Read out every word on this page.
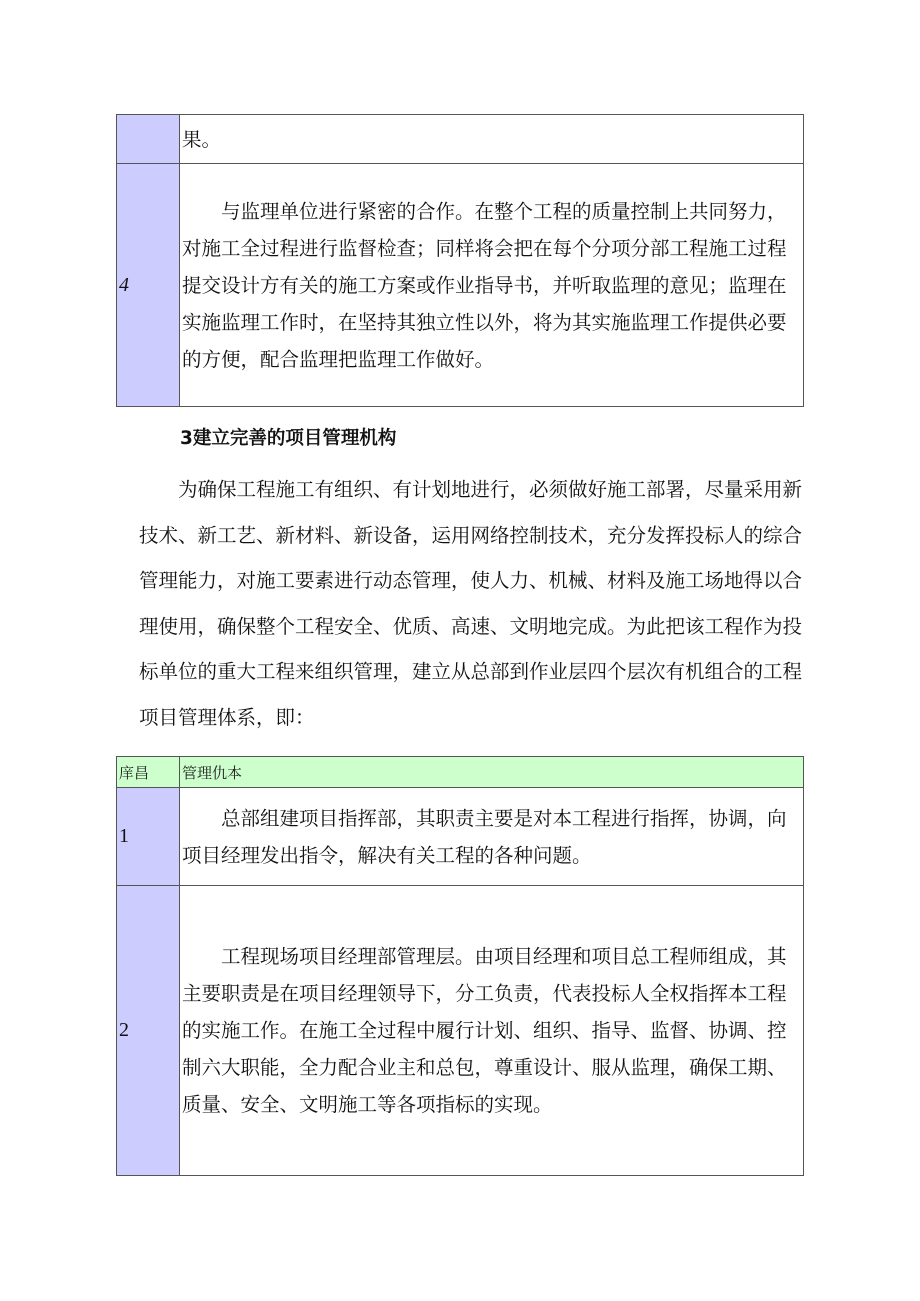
	果。

4	与监理单位进行紧密的合作。在整个工程的质量控制上共同努力，对施工全过程进行监督检查；同样将会把在每个分项分部工程施工过程提交设计方有关的施工方案或作业指导书，并听取监理的意见；监理在实施监理工作时，在坚持其独立性以外，将为其实施监理工作提供必要的方便，配合监理把监理工作做好。

3建立完善的项目管理机构

为确保工程施工有组织、有计划地进行，必须做好施工部署，尽量采用新技术、新工艺、新材料、新设备，运用网络控制技术，充分发挥投标人的综合管理能力，对施工要素进行动态管理，使人力、机械、材料及施工场地得以合理使用，确保整个工程安全、优质、高速、文明地完成。为此把该工程作为投标单位的重大工程来组织管理，建立从总部到作业层四个层次有机组合的工程项目管理体系，即：

庠昌	管理仇本
1	总部组建项目指挥部，其职责主要是对本工程进行指挥，协调，向项目经理发出指令，解决有关工程的各种问题。

2	工程现场项目经理部管理层。由项目经理和项目总工程师组成，其主要职责是在项目经理领导下，分工负责，代表投标人全权指挥本工程的实施工作。在施工全过程中履行计划、组织、指导、监督、协调、控制六大职能，全力配合业主和总包，尊重设计、服从监理，确保工期、质量、安全、文明施工等各项指标的实现。
